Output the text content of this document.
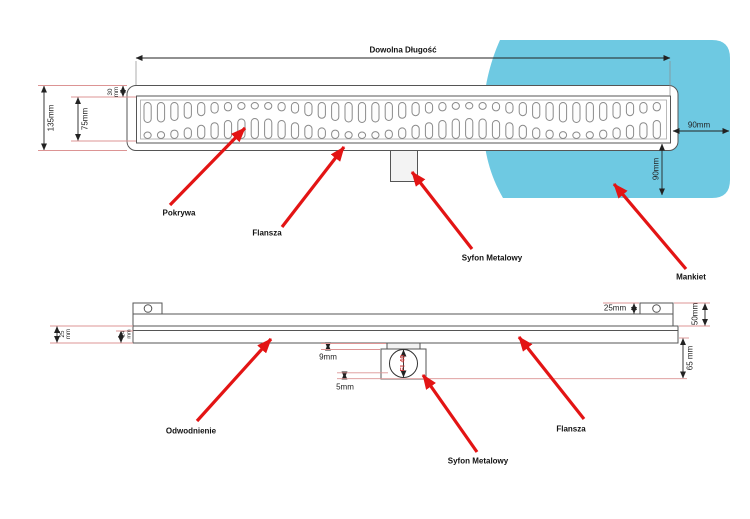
Dowolna Długość
135mm	75mm
30 mm
90mm
90mm
Pokrywa
Flansza
Syfon Metalowy
Mankiet
25 mm	14 mm
9mm
5mm
FI 40
25mm	50mm
65 mm
Odwodnienie
Syfon Metalowy
Flansza
